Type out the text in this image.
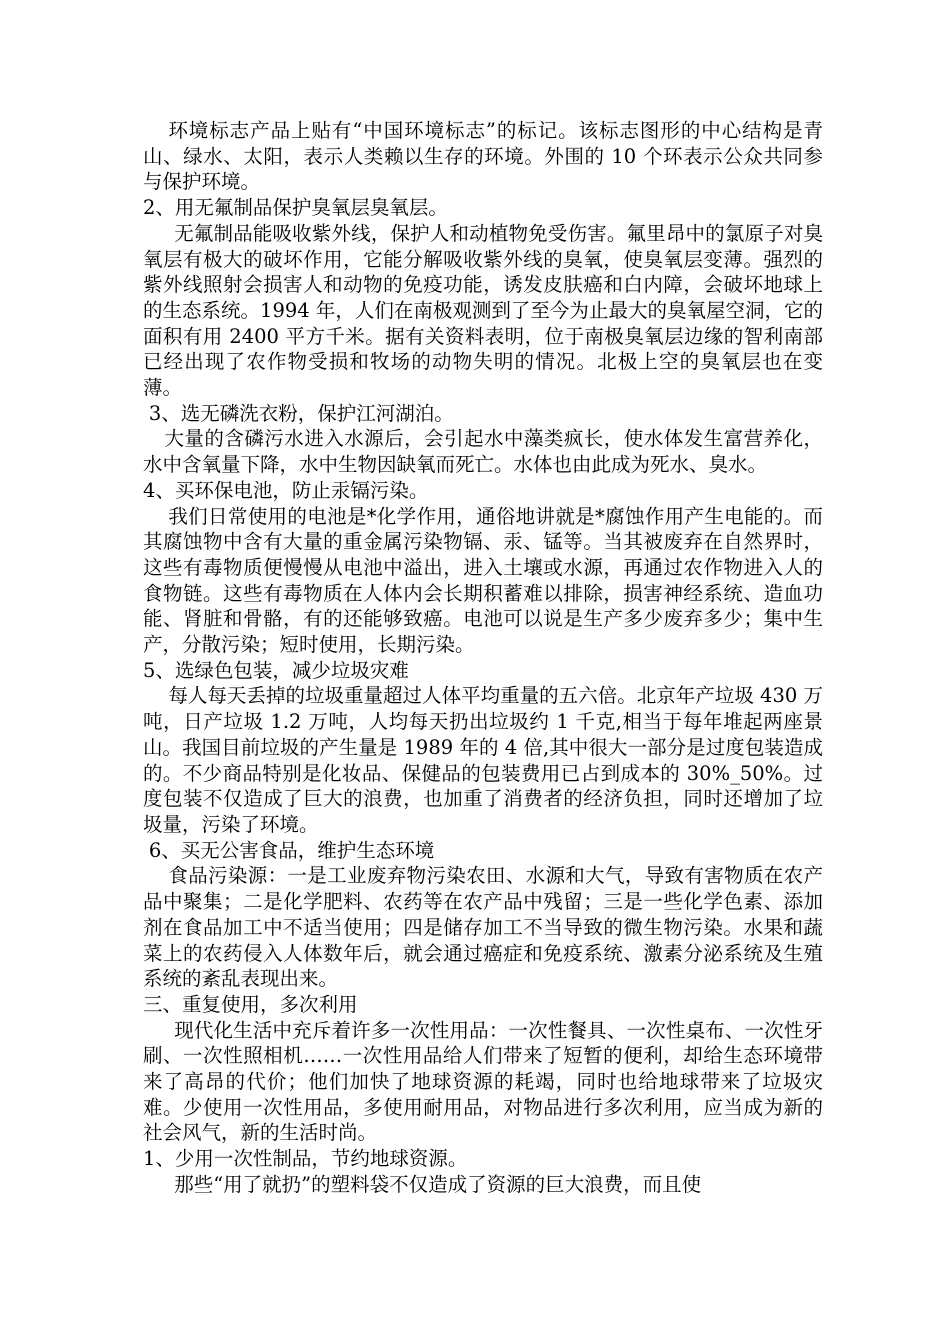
环境标志产品上贴有“中国环境标志”的标记。该标志图形的中心结构是青山、绿水、太阳，表示人类赖以生存的环境。外围的 10 个环表示公众共同参与保护环境。

2、用无氟制品保护臭氧层臭氧层。

无氟制品能吸收紫外线，保护人和动植物免受伤害。氟里昂中的氯原子对臭氧层有极大的破坏作用，它能分解吸收紫外线的臭氧，使臭氧层变薄。强烈的紫外线照射会损害人和动物的免疫功能，诱发皮肤癌和白内障，会破坏地球上的生态系统。1994 年，人们在南极观测到了至今为止最大的臭氧屋空洞，它的面积有用 2400 平方千米。据有关资料表明，位于南极臭氧层边缘的智利南部已经出现了农作物受损和牧场的动物失明的情况。北极上空的臭氧层也在变薄。

3、选无磷洗衣粉，保护江河湖泊。

大量的含磷污水进入水源后，会引起水中藻类疯长，使水体发生富营养化，水中含氧量下降，水中生物因缺氧而死亡。水体也由此成为死水、臭水。

4、买环保电池，防止汞镉污染。

我们日常使用的电池是*化学作用，通俗地讲就是*腐蚀作用产生电能的。而其腐蚀物中含有大量的重金属污染物镉、汞、锰等。当其被废弃在自然界时，这些有毒物质便慢慢从电池中溢出，进入土壤或水源，再通过农作物进入人的食物链。这些有毒物质在人体内会长期积蓄难以排除，损害神经系统、造血功能、肾脏和骨骼，有的还能够致癌。电池可以说是生产多少废弃多少；集中生产，分散污染；短时使用，长期污染。

5、选绿色包装，减少垃圾灾难

每人每天丢掉的垃圾重量超过人体平均重量的五六倍。北京年产垃圾 430 万吨，日产垃圾 1.2 万吨，人均每天扔出垃圾约 1 千克,相当于每年堆起两座景山。我国目前垃圾的产生量是 1989 年的 4 倍,其中很大一部分是过度包装造成的。不少商品特别是化妆品、保健品的包装费用已占到成本的 30%_50%。过度包装不仅造成了巨大的浪费，也加重了消费者的经济负担，同时还增加了垃圾量，污染了环境。

6、买无公害食品，维护生态环境

食品污染源：一是工业废弃物污染农田、水源和大气，导致有害物质在农产品中聚集；二是化学肥料、农药等在农产品中残留；三是一些化学色素、添加剂在食品加工中不适当使用；四是储存加工不当导致的微生物污染。水果和蔬菜上的农药侵入人体数年后，就会通过癌症和免疫系统、激素分泌系统及生殖系统的紊乱表现出来。

三、重复使用，多次利用

现代化生活中充斥着许多一次性用品：一次性餐具、一次性桌布、一次性牙刷、一次性照相机……一次性用品给人们带来了短暂的便利，却给生态环境带来了高昂的代价；他们加快了地球资源的耗竭，同时也给地球带来了垃圾灾难。少使用一次性用品，多使用耐用品，对物品进行多次利用，应当成为新的社会风气，新的生活时尚。

1、少用一次性制品，节约地球资源。

那些“用了就扔”的塑料袋不仅造成了资源的巨大浪费，而且使
